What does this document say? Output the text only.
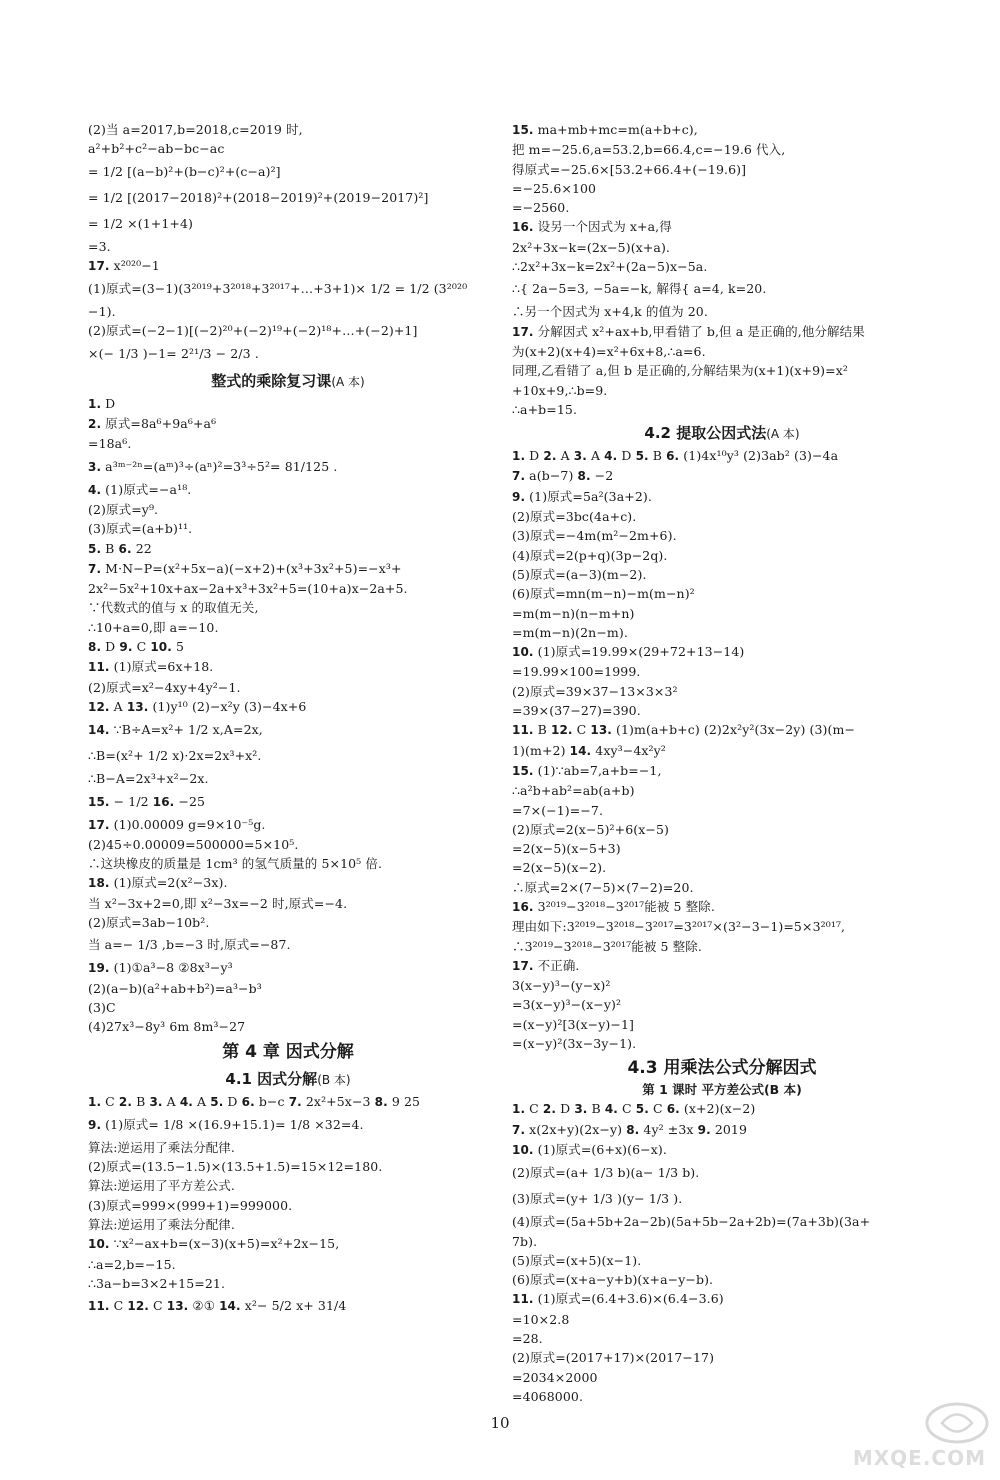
(2)当 a=2017,b=2018,c=2019 时,
a²+b²+c²−ab−bc−ac
= 1/2 [(a−b)²+(b−c)²+(c−a)²]
= 1/2 [(2017−2018)²+(2018−2019)²+(2019−2017)²]
= 1/2 ×(1+1+4)
=3.
17. x²⁰²⁰−1
(1)原式=(3−1)(3²⁰¹⁹+3²⁰¹⁸+3²⁰¹⁷+…+3+1)× 1/2 = 1/2 (3²⁰²⁰
−1).
(2)原式=(−2−1)[(−2)²⁰+(−2)¹⁹+(−2)¹⁸+…+(−2)+1]
×(− 1/3 )−1= 2²¹/3 − 2/3 .
整式的乘除复习课(A 本)
1. D
2. 原式=8a⁶+9a⁶+a⁶
=18a⁶.
3. a³ᵐ⁻²ⁿ=(aᵐ)³÷(aⁿ)²=3³÷5²= 81/125 .
4. (1)原式=−a¹⁸.
(2)原式=y⁹.
(3)原式=(a+b)¹¹.
5. B 6. 22
7. M·N−P=(x²+5x−a)(−x+2)+(x³+3x²+5)=−x³+
2x²−5x²+10x+ax−2a+x³+3x²+5=(10+a)x−2a+5.
∵代数式的值与 x 的取值无关,
∴10+a=0,即 a=−10.
8. D 9. C 10. 5
11. (1)原式=6x+18.
(2)原式=x²−4xy+4y²−1.
12. A 13. (1)y¹⁰ (2)−x²y (3)−4x+6
14. ∵B÷A=x²+ 1/2 x,A=2x,
∴B=(x²+ 1/2 x)·2x=2x³+x².
∴B−A=2x³+x²−2x.
15. − 1/2 16. −25
17. (1)0.00009 g=9×10⁻⁵g.
(2)45÷0.00009=500000=5×10⁵.
∴这块橡皮的质量是 1cm³ 的氢气质量的 5×10⁵ 倍.
18. (1)原式=2(x²−3x).
当 x²−3x+2=0,即 x²−3x=−2 时,原式=−4.
(2)原式=3ab−10b².
当 a=− 1/3 ,b=−3 时,原式=−87.
19. (1)①a³−8 ②8x³−y³
(2)(a−b)(a²+ab+b²)=a³−b³
(3)C
(4)27x³−8y³ 6m 8m³−27
第 4 章 因式分解
4.1 因式分解(B 本)
1. C 2. B 3. A 4. A 5. D 6. b−c 7. 2x²+5x−3 8. 9 25
9. (1)原式= 1/8 ×(16.9+15.1)= 1/8 ×32=4.
算法:逆运用了乘法分配律.
(2)原式=(13.5−1.5)×(13.5+1.5)=15×12=180.
算法:逆运用了平方差公式.
(3)原式=999×(999+1)=999000.
算法:逆运用了乘法分配律.
10. ∵x²−ax+b=(x−3)(x+5)=x²+2x−15,
∴a=2,b=−15.
∴3a−b=3×2+15=21.
11. C 12. C 13. ②① 14. x²− 5/2 x+ 31/4
15. ma+mb+mc=m(a+b+c),
把 m=−25.6,a=53.2,b=66.4,c=−19.6 代入,
得原式=−25.6×[53.2+66.4+(−19.6)]
=−25.6×100
=−2560.
16. 设另一个因式为 x+a,得
2x²+3x−k=(2x−5)(x+a).
∴2x²+3x−k=2x²+(2a−5)x−5a.
∴{ 2a−5=3, −5a=−k, 解得{ a=4, k=20.
∴另一个因式为 x+4,k 的值为 20.
17. 分解因式 x²+ax+b,甲看错了 b,但 a 是正确的,他分解结果
为(x+2)(x+4)=x²+6x+8,∴a=6.
同理,乙看错了 a,但 b 是正确的,分解结果为(x+1)(x+9)=x²
+10x+9,∴b=9.
∴a+b=15.
4.2 提取公因式法(A 本)
1. D 2. A 3. A 4. D 5. B 6. (1)4x¹⁰y³ (2)3ab² (3)−4a
7. a(b−7) 8. −2
9. (1)原式=5a²(3a+2).
(2)原式=3bc(4a+c).
(3)原式=−4m(m²−2m+6).
(4)原式=2(p+q)(3p−2q).
(5)原式=(a−3)(m−2).
(6)原式=mn(m−n)−m(m−n)²
=m(m−n)(n−m+n)
=m(m−n)(2n−m).
10. (1)原式=19.99×(29+72+13−14)
=19.99×100=1999.
(2)原式=39×37−13×3×3²
=39×(37−27)=390.
11. B 12. C 13. (1)m(a+b+c) (2)2x²y²(3x−2y) (3)(m−
1)(m+2) 14. 4xy³−4x²y²
15. (1)∵ab=7,a+b=−1,
∴a²b+ab²=ab(a+b)
=7×(−1)=−7.
(2)原式=2(x−5)²+6(x−5)
=2(x−5)(x−5+3)
=2(x−5)(x−2).
∴原式=2×(7−5)×(7−2)=20.
16. 3²⁰¹⁹−3²⁰¹⁸−3²⁰¹⁷能被 5 整除.
理由如下:3²⁰¹⁹−3²⁰¹⁸−3²⁰¹⁷=3²⁰¹⁷×(3²−3−1)=5×3²⁰¹⁷,
∴3²⁰¹⁹−3²⁰¹⁸−3²⁰¹⁷能被 5 整除.
17. 不正确.
3(x−y)³−(y−x)²
=3(x−y)³−(x−y)²
=(x−y)²[3(x−y)−1]
=(x−y)²(3x−3y−1).
4.3 用乘法公式分解因式
第 1 课时 平方差公式(B 本)
1. C 2. D 3. B 4. C 5. C 6. (x+2)(x−2)
7. x(2x+y)(2x−y) 8. 4y² ±3x 9. 2019
10. (1)原式=(6+x)(6−x).
(2)原式=(a+ 1/3 b)(a− 1/3 b).
(3)原式=(y+ 1/3 )(y− 1/3 ).
(4)原式=(5a+5b+2a−2b)(5a+5b−2a+2b)=(7a+3b)(3a+
7b).
(5)原式=(x+5)(x−1).
(6)原式=(x+a−y+b)(x+a−y−b).
11. (1)原式=(6.4+3.6)×(6.4−3.6)
=10×2.8
=28.
(2)原式=(2017+17)×(2017−17)
=2034×2000
=4068000.
10
MXQE.COM
